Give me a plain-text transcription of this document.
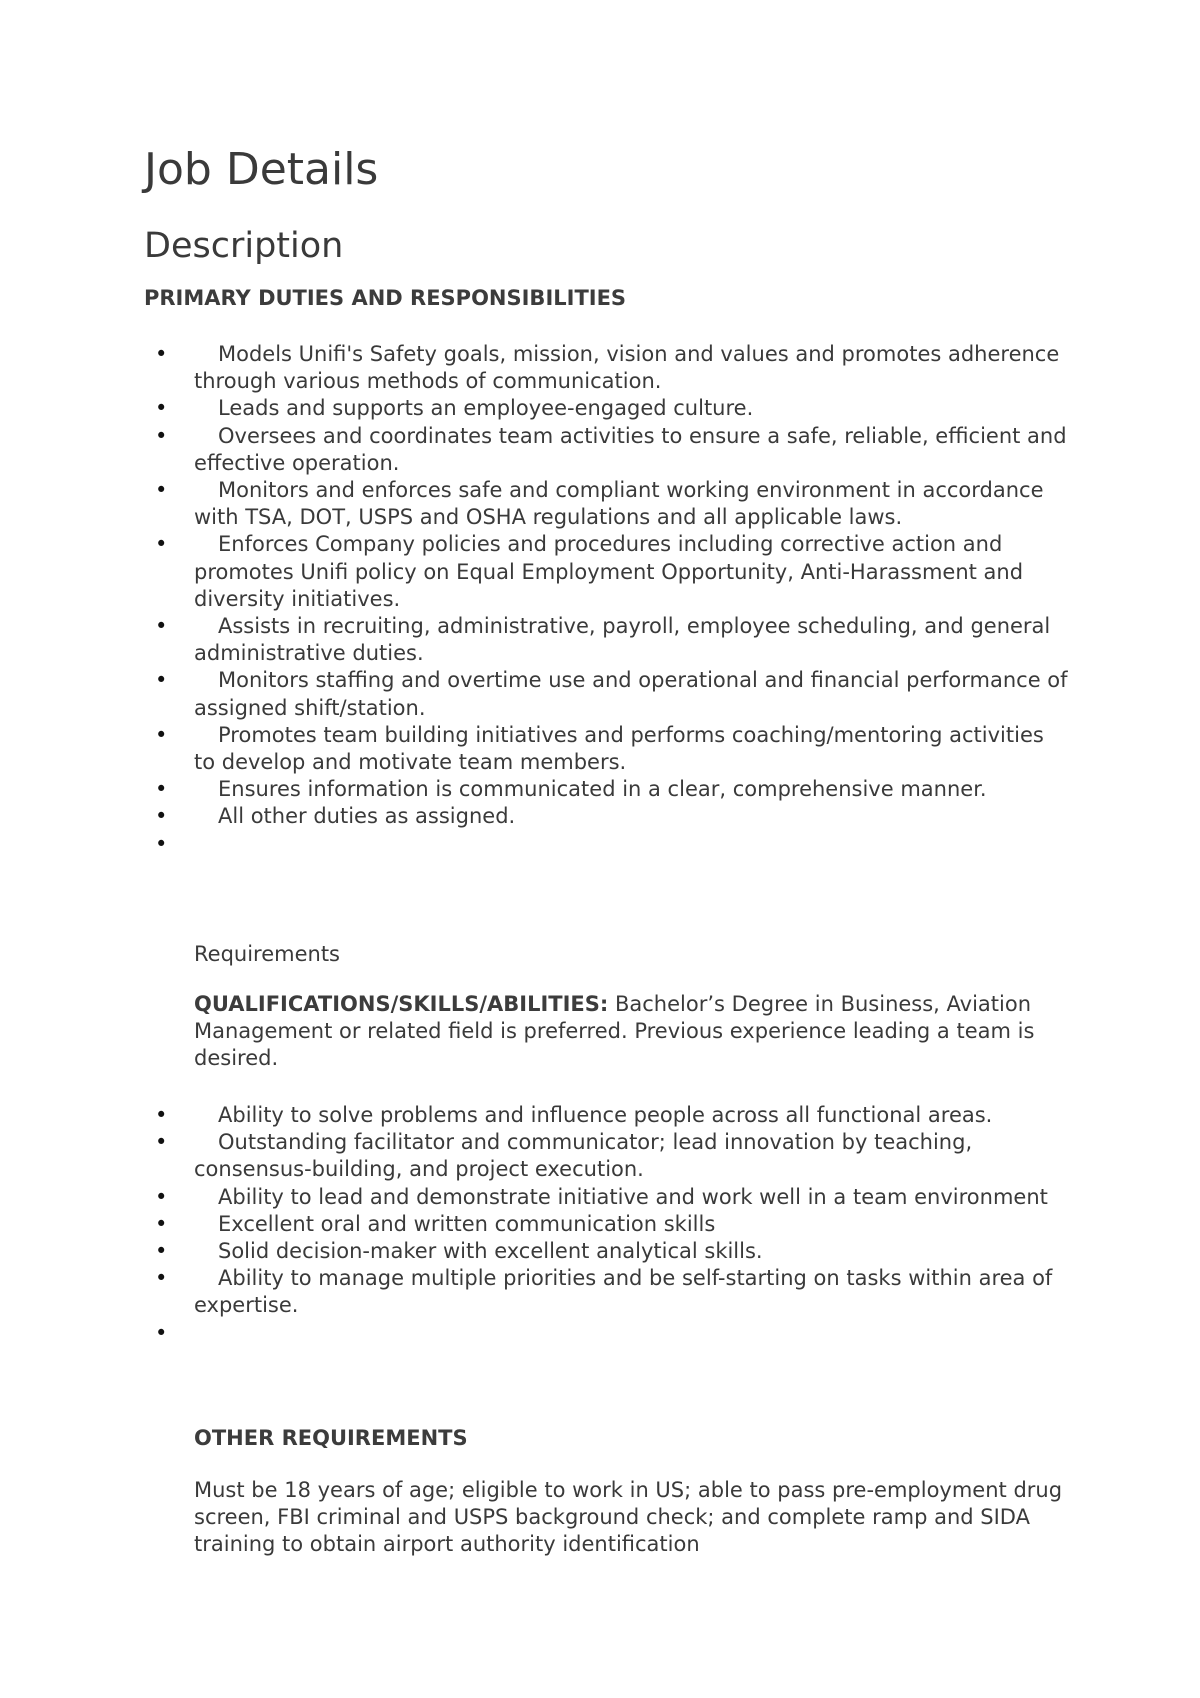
Job Details
Description
PRIMARY DUTIES AND RESPONSIBILITIES
•	Models Unifi's Safety goals, mission, vision and values and promotes adherence through various methods of communication.
•	Leads and supports an employee-engaged culture.
•	Oversees and coordinates team activities to ensure a safe, reliable, efficient and effective operation.
•	Monitors and enforces safe and compliant working environment in accordance with TSA, DOT, USPS and OSHA regulations and all applicable laws.
•	Enforces Company policies and procedures including corrective action and promotes Unifi policy on Equal Employment Opportunity, Anti-Harassment and diversity initiatives.
•	Assists in recruiting, administrative, payroll, employee scheduling, and general administrative duties.
•	Monitors staffing and overtime use and operational and financial performance of assigned shift/station.
•	Promotes team building initiatives and performs coaching/mentoring activities to develop and motivate team members.
•	Ensures information is communicated in a clear, comprehensive manner.
•	All other duties as assigned.
•

Requirements

QUALIFICATIONS/SKILLS/ABILITIES: Bachelor’s Degree in Business, Aviation Management or related field is preferred. Previous experience leading a team is desired.

•	Ability to solve problems and influence people across all functional areas.
•	Outstanding facilitator and communicator; lead innovation by teaching, consensus-building, and project execution.
•	Ability to lead and demonstrate initiative and work well in a team environment
•	Excellent oral and written communication skills
•	Solid decision-maker with excellent analytical skills.
•	Ability to manage multiple priorities and be self-starting on tasks within area of expertise.
•

OTHER REQUIREMENTS

Must be 18 years of age; eligible to work in US; able to pass pre-employment drug screen, FBI criminal and USPS background check; and complete ramp and SIDA training to obtain airport authority identification
